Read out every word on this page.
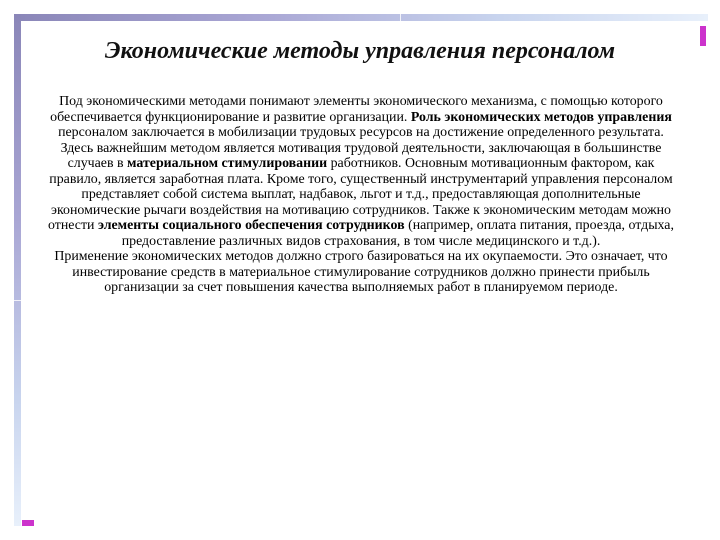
Экономические методы управления персоналом

Под экономическими методами понимают элементы экономического механизма, с помощью которого обеспечивается функционирование и развитие организации. Роль экономических методов управления персоналом заключается в мобилизации трудовых ресурсов на достижение определенного результата.

Здесь важнейшим методом является мотивация трудовой деятельности, заключающая в большинстве случаев в материальном стимулировании работников. Основным мотивационным фактором, как правило, является заработная плата. Кроме того, существенный инструментарий управления персоналом представляет собой система выплат, надбавок, льгот и т.д., предоставляющая дополнительные экономические рычаги воздействия на мотивацию сотрудников. Также к экономическим методам можно отнести элементы социального обеспечения сотрудников (например, оплата питания, проезда, отдыха, предоставление различных видов страхования, в том числе медицинского и т.д.).

Применение экономических методов должно строго базироваться на их окупаемости. Это означает, что инвестирование средств в материальное стимулирование сотрудников должно принести прибыль организации за счет повышения качества выполняемых работ в планируемом периоде.
